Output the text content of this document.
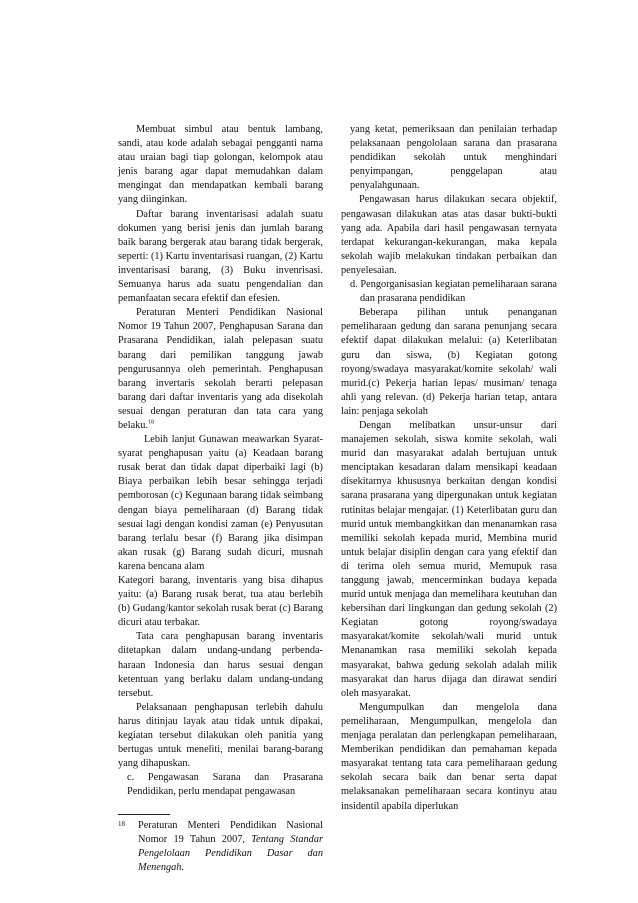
Membuat simbul atau bentuk lambang, sandi, atau kode adalah sebagai pengganti nama atau uraian bagi tiap golongan, kelompok atau jenis barang agar dapat memudahkan dalam mengingat dan mendapatkan kembali barang yang diinginkan.

Daftar barang inventarisasi adalah suatu dokumen yang berisi jenis dan jumlah barang baik barang bergerak atau barang tidak bergerak, seperti: (1) Kartu inventarisasi ruangan, (2) Kartu inventarisasi barang, (3) Buku invenrisasi. Semuanya harus ada suatu pengendalian dan pemanfaatan secara efektif dan efesien.

Peraturan Menteri Pendidikan Nasional Nomor 19 Tahun 2007, Penghapusan Sarana dan Prasarana Pendidikan, ialah pelepasan suatu barang dari pemilikan tanggung jawab pengurusannya oleh pemerintah. Penghapusan barang invertaris sekolah berarti pelepasan barang dari daftar inventaris yang ada disekolah sesuai dengan peraturan dan tata cara yang belaku.$^{18}$

Lebih lanjut Gunawan meawarkan Syarat-syarat penghapusan yaitu (a) Keadaan barang rusak berat dan tidak dapat diperbaiki lagi (b) Biaya perbaikan lebih besar sehingga terjadi pemborosan (c) Kegunaan barang tidak seimbang dengan biaya pemeliharaan (d) Barang tidak sesuai lagi dengan kondisi zaman (e) Penyusutan barang terlalu besar (f) Barang jika disimpan akan rusak (g) Barang sudah dicuri, musnah karena bencana alam

Kategori barang, inventaris yang bisa dihapus yaitu: (a) Barang rusak berat, tua atau berlebih (b) Gudang/kantor sekolah rusak berat (c) Barang dicuri atau terbakar.

Tata cara penghapusan barang inventaris ditetapkan dalam undang-undang perbenda-haraan Indonesia dan harus sesuai dengan ketentuan yang berlaku dalam undang-undang tersebut.

Pelaksanaan penghapusan terlebih dahulu harus ditinjau layak atau tidak untuk dipakai, kegiatan tersebut dilakukan oleh panitia yang bertugas untuk meneliti, menilai barang-barang yang dihapuskan.

c. Pengawasan Sarana dan Prasarana Pendidikan, perlu mendapat pengawasan

18	Peraturan Menteri Pendidikan Nasional Nomor 19 Tahun 2007, Tentang Standar Pengelolaan Pendidikan Dasar dan Menengah.

yang ketat, pemeriksaan dan penilaian terhadap pelaksanaan pengololaan sarana dan prasarana pendidikan sekolah untuk menghindari penyimpangan, penggelapan atau penyalahgunaan.

Pengawasan harus dilakukan secara objektif, pengawasan dilakukan atas atas dasar bukti-bukti yang ada. Apabila dari hasil pengawasan ternyata terdapat kekurangan-kekurangan, maka kepala sekolah wajib melakukan tindakan perbaikan dan penyelesaian.

d. Pengorganisasian kegiatan pemeliharaan sarana dan prasarana pendidikan

Beberapa pilihan untuk penanganan pemeliharaan gedung dan sarana penunjang secara efektif dapat dilakukan melalui: (a) Keterlibatan guru dan siswa, (b) Kegiatan gotong royong/swadaya masyarakat/komite sekolah/ wali murid.(c) Pekerja harian lepas/ musiman/ tenaga ahli yang relevan. (d) Pekerja harian tetap, antara lain: penjaga sekolah

Dengan melibatkan unsur-unsur dari manajemen sekolah, siswa komite sekolah, wali murid dan masyarakat adalah bertujuan untuk menciptakan kesadaran dalam mensikapi keadaan disekitarnya khususnya berkaitan dengan kondisi sarana prasarana yang dipergunakan untuk kegiatan rutinitas belajar mengajar. (1) Keterlibatan guru dan murid untuk membangkitkan dan menanamkan rasa memiliki sekolah kepada murid, Membina murid untuk belajar disiplin dengan cara yang efektif dan di terima oleh semua murid, Memupuk rasa tanggung jawab, mencerminkan budaya kepada murid untuk menjaga dan memelihara keutuhan dan kebersihan dari lingkungan dan gedung sekolah (2) Kegiatan gotong royong/swadaya masyarakat/komite sekolah/wali murid untuk Menanamkan rasa memiliki sekolah kepada masyarakat, bahwa gedung sekolah adalah milik masyarakat dan harus dijaga dan dirawat sendiri oleh masyarakat.

Mengumpulkan dan mengelola dana pemeliharaan, Mengumpulkan, mengelola dan menjaga peralatan dan perlengkapan pemeliharaan, Memberikan pendidikan dan pemahaman kepada masyarakat tentang tata cara pemeliharaan gedung sekolah secara baik dan benar serta dapat melaksanakan pemeliharaan secara kontinyu atau insidentil apabila diperlukan
